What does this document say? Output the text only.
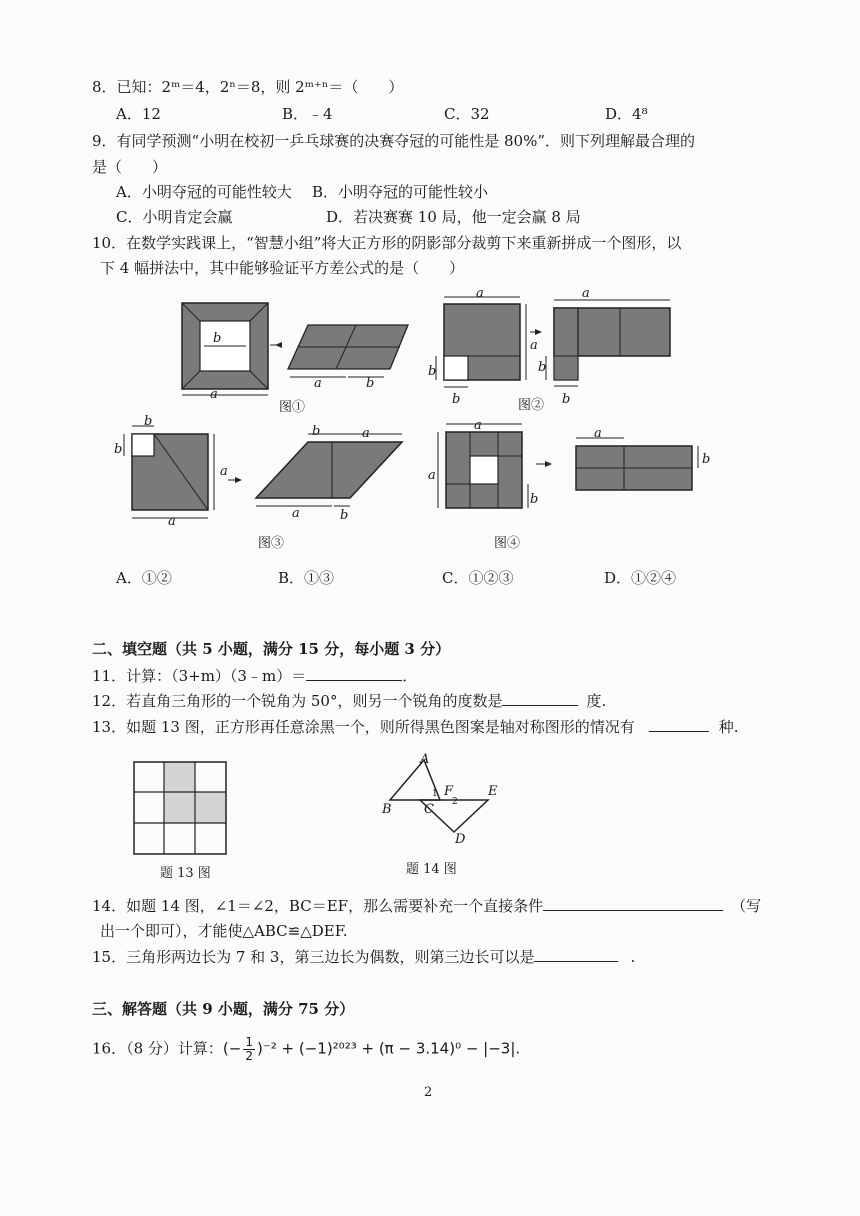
8．已知：2ᵐ＝4，2ⁿ＝8，则 2ᵐ⁺ⁿ＝（　　）
A．12	B．﹣4	C．32	D．4⁸
9．有同学预测“小明在校初一乒乓球赛的决赛夺冠的可能性是 80%”．则下列理解最合理的
是（　　）
A．小明夺冠的可能性较大 B．小明夺冠的可能性较小
C．小明肯定会赢	D．若决赛赛 10 局，他一定会赢 8 局
10．在数学实践课上，“智慧小组”将大正方形的阴影部分裁剪下来重新拼成一个图形，以
下 4 幅拼法中，其中能够验证平方差公式的是（　　）
b
a
a	b
图①
a
a
b
b
a
b
b
图②
b
b
a
a
b	a
a	b
图③
a
a
b
a
b
图④
A．①②	B．①③	C．①②③	D．①②④
二、填空题（共 5 小题，满分 15 分，每小题 3 分）
11．计算：（3+m）（3﹣m）＝	．
12．若直角三角形的一个锐角为 50°，则另一个锐角的度数是	度.
13．如题 13 图，正方形再任意涂黑一个，则所得黑色图案是轴对称图形的情况有	种.
题 13 图
A
B C
F	E
D
1
2
题 14 图
14．如题 14 图，∠1＝∠2，BC＝EF，那么需要补充一个直接条件	（写
出一个即可），才能使△ABC≌△DEF.
15．三角形两边长为 7 和 3，第三边长为偶数，则第三边长可以是	.
三、解答题（共 9 小题，满分 75 分）
16．（8 分）计算：(− $\frac{1}{2} )^{-2} + (-1)^{2023} + (\pi - 3.14)^0 - |-3|$.
2
